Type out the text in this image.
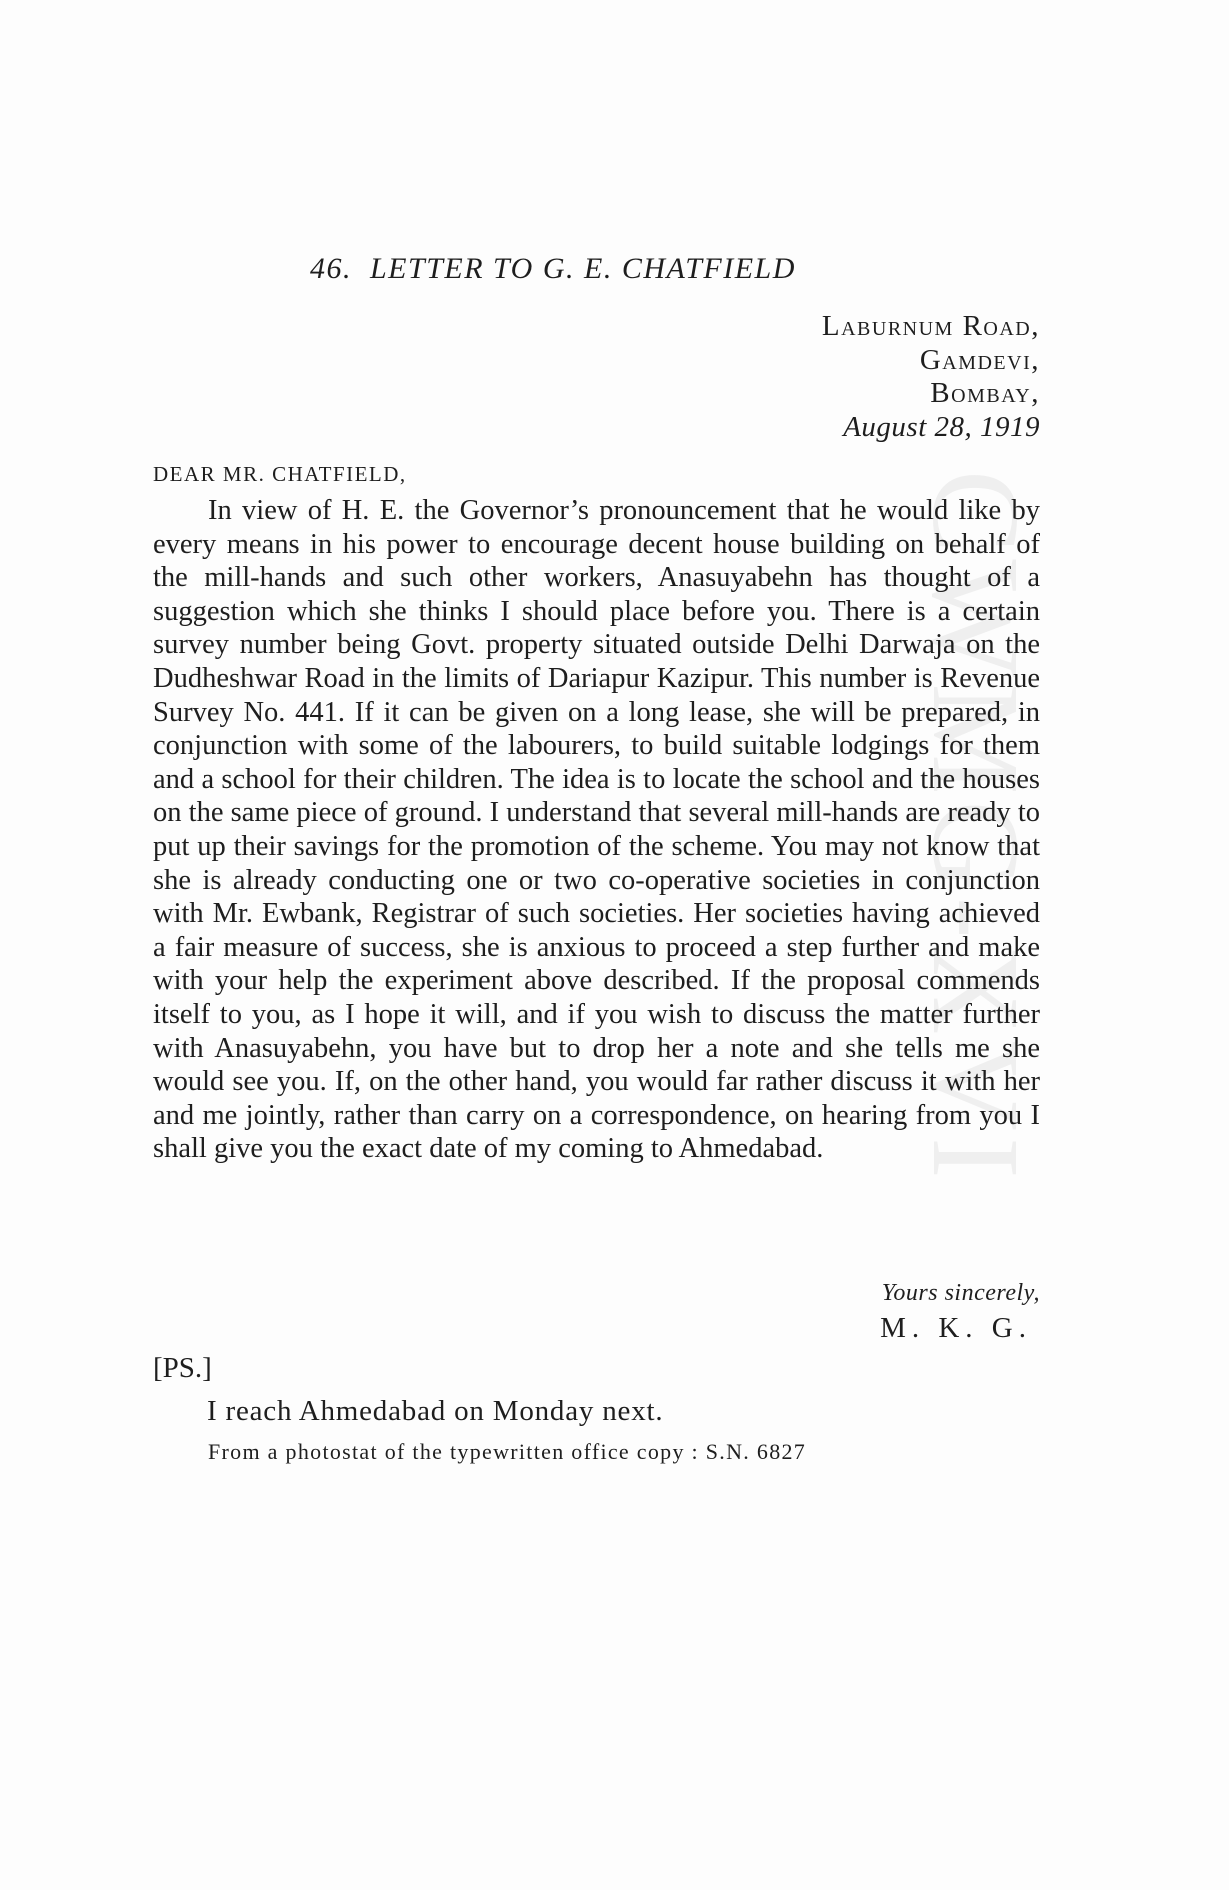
CWMG-XVI
46. LETTER TO G. E. CHATFIELD
Laburnum Road,
Gamdevi,
Bombay,
August 28, 1919
DEAR MR. CHATFIELD,

In view of H. E. the Governor’s pronouncement that he would like by every means in his power to encourage decent house building on behalf of the mill-hands and such other workers, Anasuyabehn has thought of a suggestion which she thinks I should place before you. There is a certain survey number being Govt. property situated outside Delhi Darwaja on the Dudheshwar Road in the limits of Dariapur Kazipur. This number is Revenue Survey No. 441. If it can be given on a long lease, she will be prepared, in conjunction with some of the labourers, to build suitable lodgings for them and a school for their children. The idea is to locate the school and the houses on the same piece of ground. I understand that several mill-hands are ready to put up their savings for the promotion of the scheme. You may not know that she is already conducting one or two co-operative societies in conjunction with Mr. Ewbank, Registrar of such societies. Her societies having achieved a fair measure of success, she is anxious to proceed a step further and make with your help the experiment above described. If the proposal commends itself to you, as I hope it will, and if you wish to discuss the matter further with Anasuyabehn, you have but to drop her a note and she tells me she would see you. If, on the other hand, you would far rather discuss it with her and me jointly, rather than carry on a correspondence, on hearing from you I shall give you the exact date of my coming to Ahmedabad.

Yours sincerely,
M. K. G.
[PS.]
I reach Ahmedabad on Monday next.
From a photostat of the typewritten office copy : S.N. 6827
